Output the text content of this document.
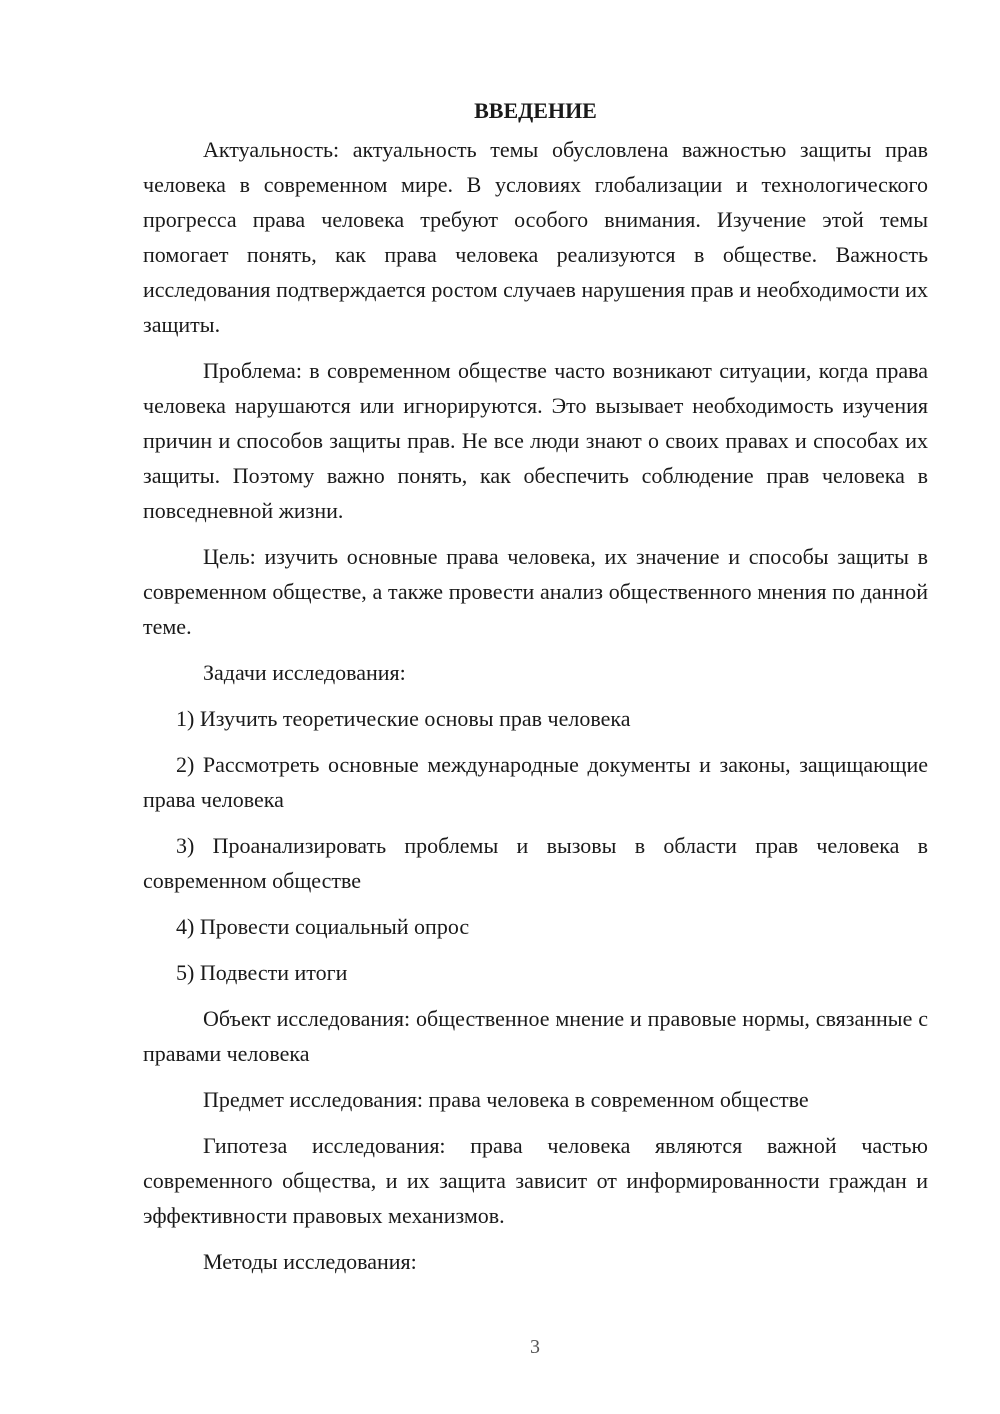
ВВЕДЕНИЕ

Актуальность: актуальность темы обусловлена важностью защиты прав человека в современном мире. В условиях глобализации и технологического прогресса права человека требуют особого внимания. Изучение этой темы помогает понять, как права человека реализуются в обществе. Важность исследования подтверждается ростом случаев нарушения прав и необходимости их защиты.

Проблема: в современном обществе часто возникают ситуации, когда права человека нарушаются или игнорируются. Это вызывает необходимость изучения причин и способов защиты прав. Не все люди знают о своих правах и способах их защиты. Поэтому важно понять, как обеспечить соблюдение прав человека в повседневной жизни.

Цель: изучить основные права человека, их значение и способы защиты в современном обществе, а также провести анализ общественного мнения по данной теме.

Задачи исследования:

1) Изучить теоретические основы прав человека

2) Рассмотреть основные международные документы и законы, защищающие права человека

3) Проанализировать проблемы и вызовы в области прав человека в современном обществе

4) Провести социальный опрос

5) Подвести итоги

Объект исследования: общественное мнение и правовые нормы, связанные с правами человека

Предмет исследования: права человека в современном обществе

Гипотеза исследования: права человека являются важной частью современного общества, и их защита зависит от информированности граждан и эффективности правовых механизмов.

Методы исследования:

3
